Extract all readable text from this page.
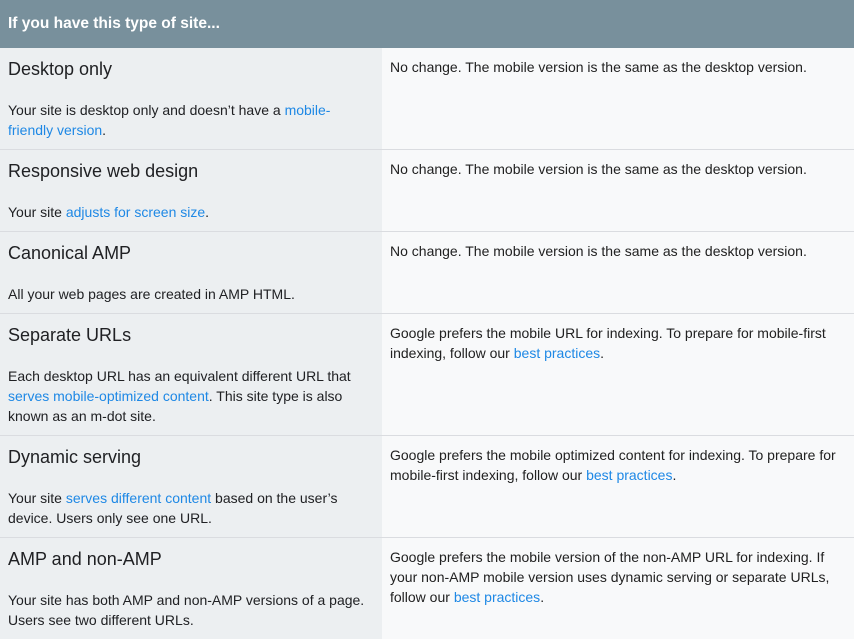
If you have this type of site...
Desktop only
Your site is desktop only and doesn’t have a mobile-friendly version.
No change. The mobile version is the same as the desktop version.
Responsive web design
Your site adjusts for screen size.
No change. The mobile version is the same as the desktop version.
Canonical AMP
All your web pages are created in AMP HTML.
No change. The mobile version is the same as the desktop version.
Separate URLs
Each desktop URL has an equivalent different URL that serves mobile-optimized content. This site type is also known as an m-dot site.
Google prefers the mobile URL for indexing. To prepare for mobile-first indexing, follow our best practices.
Dynamic serving
Your site serves different content based on the user’s device. Users only see one URL.
Google prefers the mobile optimized content for indexing. To prepare for mobile-first indexing, follow our best practices.
AMP and non-AMP
Your site has both AMP and non-AMP versions of a page. Users see two different URLs.
Google prefers the mobile version of the non-AMP URL for indexing. If your non-AMP mobile version uses dynamic serving or separate URLs, follow our best practices.
